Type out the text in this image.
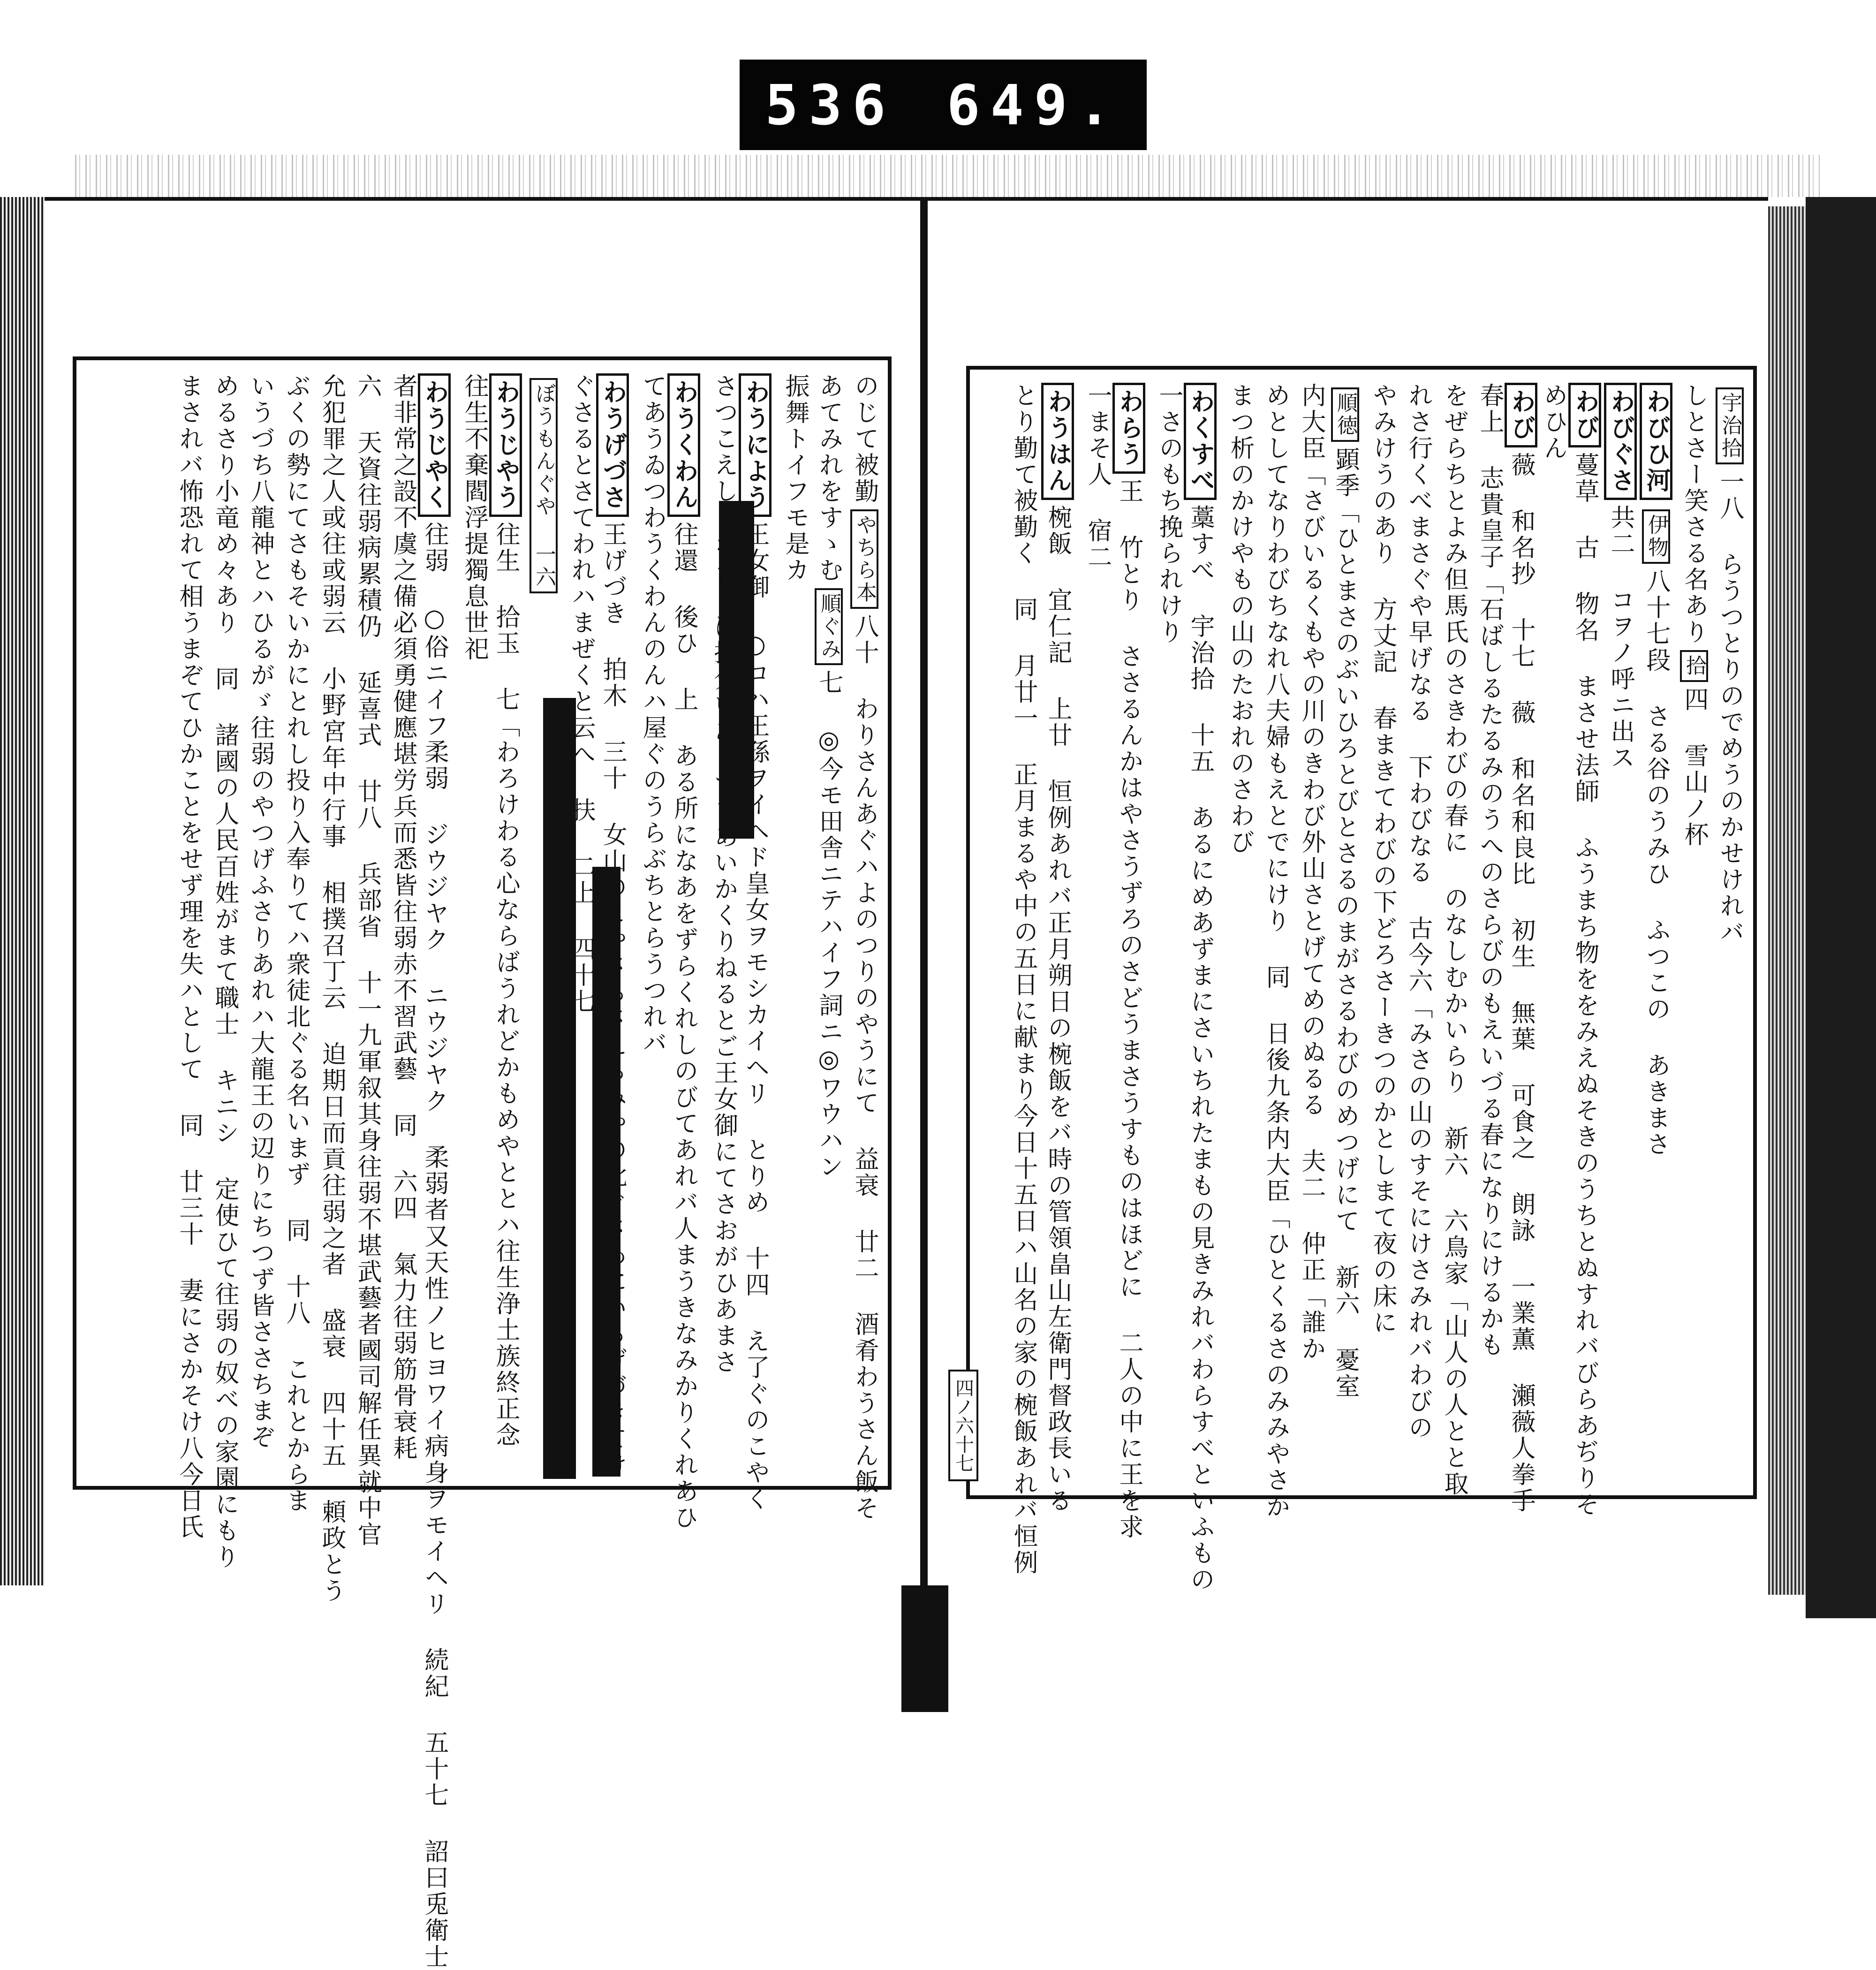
536 649.
宇治拾一八 らうつとりのでめうのかせけれバ
しとさー笑さる名あり拾四 雪山ノ杯
わびひ河伊物八十七段 さる谷のうみひ ふつこの あきまさ
わびぐさ共二 コヲノ呼ニ出ス
わび蔓草 古 物名 まさせ法師 ふうまち物ををみえぬそきのうちとぬすれバびらあぢりそ
めひん
わび薇 和名抄 十七 薇 和名和良比 初生 無葉 可食之 朗詠 一業薫 瀬薇人拳手
春上 志貴皇子「石ばしるたるみのうへのさらびのもえいづる春になりにけるかも
をぜらちとよみ但馬氏のさきわびの春に のなしむかいらり 新六 六鳥家「山人の人とと取
れさ行くべまさぐや早げなる 下わびなる 古今六「みさの山のすそにけさみれバわびの
やみけうのあり 方丈記 春まきてわびの下どろさーきつのかとしまて夜の床に
順徳顕季「ひとまさのぶいひろとびとさるのまがさるわびのめつげにて 新六 憂室
内大臣「さびいるくもやの川のきわび外山さとげてめのぬるる 夫二 仲正「誰か
めとしてなりわびちなれ八夫婦もえとでにけり 同 日後九条内大臣「ひとくるさのみみやさか
まつ析のかけやもの山のたおれのさわび
わくすべ藁すべ 宇治拾 十五 あるにめあずまにさいちれたまもの見きみれバわらすべといふもの
一さのもち挽られけり
わらう王 竹とり ささるんかはやさうずろのさどうまさうすものはほどに 二人の中に王を求
一まそ人 宿二
わうはん椀飯 宜仁記 上廿 恒例あれバ正月朔日の椀飯をバ時の管領畠山左衛門督政長いる
とり勤て被勤く 同 月廿一 正月まるや中の五日に献まり今日十五日ハ山名の家の椀飯あれバ恒例
四ノ六十七
のじて被勤やちら本八十 わりさんあぐハよのつりのやうにて 益衰 廿二 酒肴わうさん飯そ
あてみれをすゝむ順ぐみ七 ◎今モ田舎ニテハイフ詞ニ◎ワウハン
振舞トイフモ是カ
わうによう王女御 ○コハ王孫ヲイヘド皇女ヲモシカイヘリ とりめ 十四 え了ぐのこやく
さつこえし をさゝほ振分いありてまあいかくりねるとご王女御にてさおがひあまさ
わうくわん往還 後ひ 上 ある所になあをずらくれしのびてあれバ人まうきなみかりくれあひ
てあうゐつわうくわんのんハ屋ぐのうらぶちとらうつれバ
わうげづさ王げづき 拍木 三十 女山のこやさちさえちみやの北ぐさあにいるげづきてけ
ぐさるとさてわれハまぜくと云へ 扶 二上 四十七
ぼうもんぐや 一六
わうじやう往生 拾玉 七「わろけわる心ならばうれどかもめやととハ往生浄土族終正念
往生不棄閻浮提獨息世祀
わうじやく往弱 ○俗ニイフ柔弱 ジウジヤク ニウジヤク 柔弱者又天性ノヒヨワイ病身ヲモイヘリ 続紀 五十七 詔曰兎衛士
者非常之設不虞之備必須勇健應堪労兵而悉皆往弱赤不習武藝 同 六四 氣力往弱筋骨衰耗
六 天資往弱病累積仍 延喜式 廿八 兵部省 十一九軍叙其身往弱不堪武藝者國司解任異就中官
允犯罪之人或往或弱云 小野宮年中行事 相撲召丁云 迫期日而貢往弱之者 盛衰 四十五 頼政とう
ぶくの勢にてさもそいかにとれし投り入奉りてハ衆徒北ぐる名いまず 同 十八 これとからま
いうづち八龍神とハひるがゞ往弱のやつげふさりあれハ大龍王の辺りにちつず皆ささちまぞ
めるさり小竜め々あり 同 諸國の人民百姓がまて職士 キニシ 定使ひて往弱の奴べの家園にもり
まされバ怖恐れて相うまぞてひかことをせず理を失ハとして 同 廿三十 妻にさかそけ八今日氏
